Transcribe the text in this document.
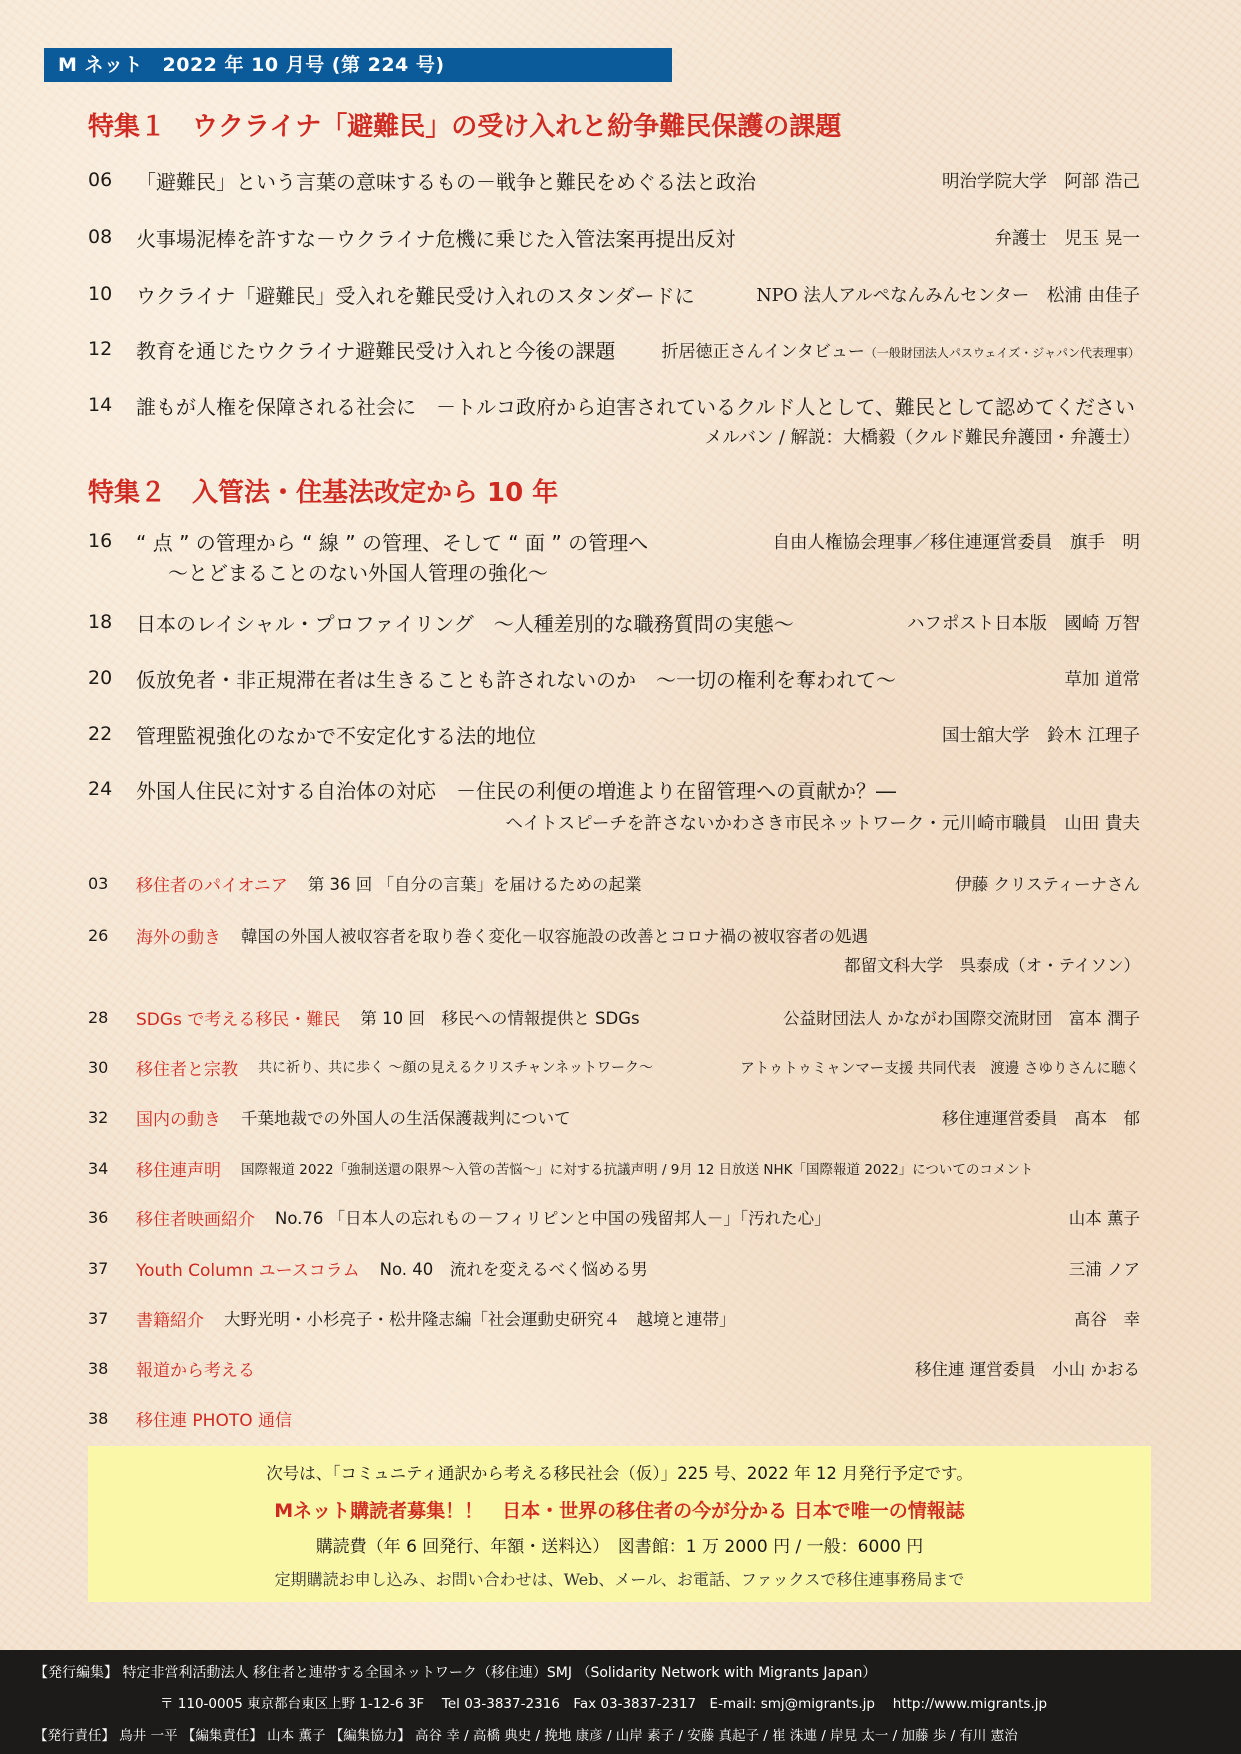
M ネット　2022 年 10 月号 (第 224 号)
特集１　ウクライナ「避難民」の受け入れと紛争難民保護の課題
06	「避難民」という言葉の意味するもの－戦争と難民をめぐる法と政治	明治学院大学　阿部 浩己
08	火事場泥棒を許すな－ウクライナ危機に乗じた入管法案再提出反対	弁護士　児玉 晃一
10	ウクライナ「避難民」受入れを難民受け入れのスタンダードに	NPO 法人アルペなんみんセンター　松浦 由佳子
12	教育を通じたウクライナ避難民受け入れと今後の課題	折居徳正さんインタビュー（一般財団法人パスウェイズ・ジャパン代表理事）
14	誰もが人権を保障される社会に　－トルコ政府から迫害されているクルド人として、難民として認めてください
メルバン / 解説：大橋毅（クルド難民弁護団・弁護士）
特集２　入管法・住基法改定から 10 年
16	“ 点 ” の管理から “ 線 ” の管理、そして “ 面 ” の管理へ	自由人権協会理事／移住連運営委員　旗手　明
～とどまることのない外国人管理の強化～
18	日本のレイシャル・プロファイリング　～人種差別的な職務質問の実態～	ハフポスト日本版　國崎 万智
20	仮放免者・非正規滞在者は生きることも許されないのか　～一切の権利を奪われて～	草加 道常
22	管理監視強化のなかで不安定化する法的地位	国士舘大学　鈴木 江理子
24	外国人住民に対する自治体の対応　－住民の利便の増進より在留管理への貢献か？―
ヘイトスピーチを許さないかわさき市民ネットワーク・元川崎市職員　山田 貴夫
03	移住者のパイオニア 第 36 回 「自分の言葉」を届けるための起業	伊藤 クリスティーナさん
26	海外の動き 韓国の外国人被収容者を取り巻く変化－収容施設の改善とコロナ禍の被収容者の処遇
都留文科大学　呉泰成（オ・テイソン）
28	SDGs で考える移民・難民 第 10 回　移民への情報提供と SDGs	公益財団法人 かながわ国際交流財団　富本 潤子
30	移住者と宗教 共に祈り、共に歩く ～顔の見えるクリスチャンネットワーク～	アトゥトゥミャンマー支援 共同代表　渡邊 さゆりさんに聴く
32	国内の動き 千葉地裁での外国人の生活保護裁判について	移住連運営委員　髙本　郁
34	移住連声明 国際報道 2022「強制送還の限界～入管の苦悩～」に対する抗議声明 / 9月 12 日放送 NHK「国際報道 2022」についてのコメント
36	移住者映画紹介 No.76 「日本人の忘れもの－フィリピンと中国の残留邦人－」「汚れた心」	山本 薫子
37	Youth Column ユースコラム No. 40　流れを変えるべく悩める男	三浦 ノア
37	書籍紹介 大野光明・小杉亮子・松井隆志編「社会運動史研究４　越境と連帯」	髙谷　幸
38	報道から考える	移住連 運営委員　小山 かおる
38	移住連 PHOTO 通信
次号は、「コミュニティ通訳から考える移民社会（仮）」225 号、2022 年 12 月発行予定です。
Mネット購読者募集！！　日本・世界の移住者の今が分かる 日本で唯一の情報誌
購読費（年 6 回発行、年額・送料込）　図書館：1 万 2000 円 / 一般：6000 円
定期購読お申し込み、お問い合わせは、Web、メール、お電話、ファックスで移住連事務局まで
【発行編集】 特定非営利活動法人 移住者と連帯する全国ネットワーク（移住連）SMJ （Solidarity Network with Migrants Japan）
〒 110-0005 東京都台東区上野 1-12-6 3F　 Tel 03-3837-2316　Fax 03-3837-2317　E-mail: smj@migrants.jp　 http://www.migrants.jp
【発行責任】 鳥井 一平 【編集責任】 山本 薫子 【編集協力】 高谷 幸 / 高橋 典史 / 挽地 康彦 / 山岸 素子 / 安藤 真起子 / 崔 洙連 / 岸見 太一 / 加藤 歩 / 有川 憲治
